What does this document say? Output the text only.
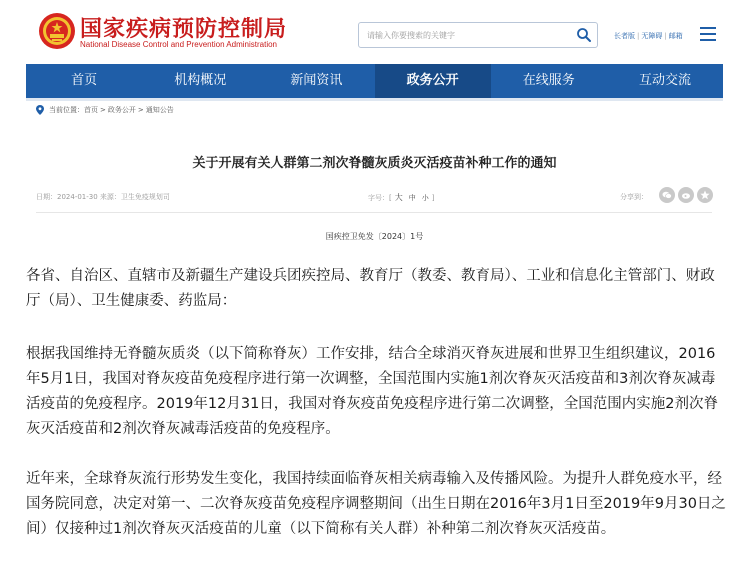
国家疾病预防控制局
National Disease Control and Prevention Administration
请输入你要搜索的关键字
长者版 | 无障碍 | 邮箱
首页	机构概况	新闻资讯	政务公开	在线服务	互动交流
当前位置： 首页 > 政务公开 > 通知公告
关于开展有关人群第二剂次脊髓灰质炎灭活疫苗补种工作的通知
日期：2024-01-30 来源：卫生免疫规划司	字号：[ 大 中 小 ]	分享到：
国疾控卫免发〔2024〕1号
各省、自治区、直辖市及新疆生产建设兵团疾控局、教育厅（教委、教育局）、工业和信息化主管部门、财政厅（局）、卫生健康委、药监局：
根据我国维持无脊髓灰质炎（以下简称脊灰）工作安排，结合全球消灭脊灰进展和世界卫生组织建议，2016年5月1日，我国对脊灰疫苗免疫程序进行第一次调整，全国范围内实施1剂次脊灰灭活疫苗和3剂次脊灰减毒活疫苗的免疫程序。2019年12月31日，我国对脊灰疫苗免疫程序进行第二次调整，全国范围内实施2剂次脊灰灭活疫苗和2剂次脊灰减毒活疫苗的免疫程序。
近年来，全球脊灰流行形势发生变化，我国持续面临脊灰相关病毒输入及传播风险。为提升人群免疫水平，经国务院同意，决定对第一、二次脊灰疫苗免疫程序调整期间（出生日期在2016年3月1日至2019年9月30日之间）仅接种过1剂次脊灰灭活疫苗的儿童（以下简称有关人群）补种第二剂次脊灰灭活疫苗。
